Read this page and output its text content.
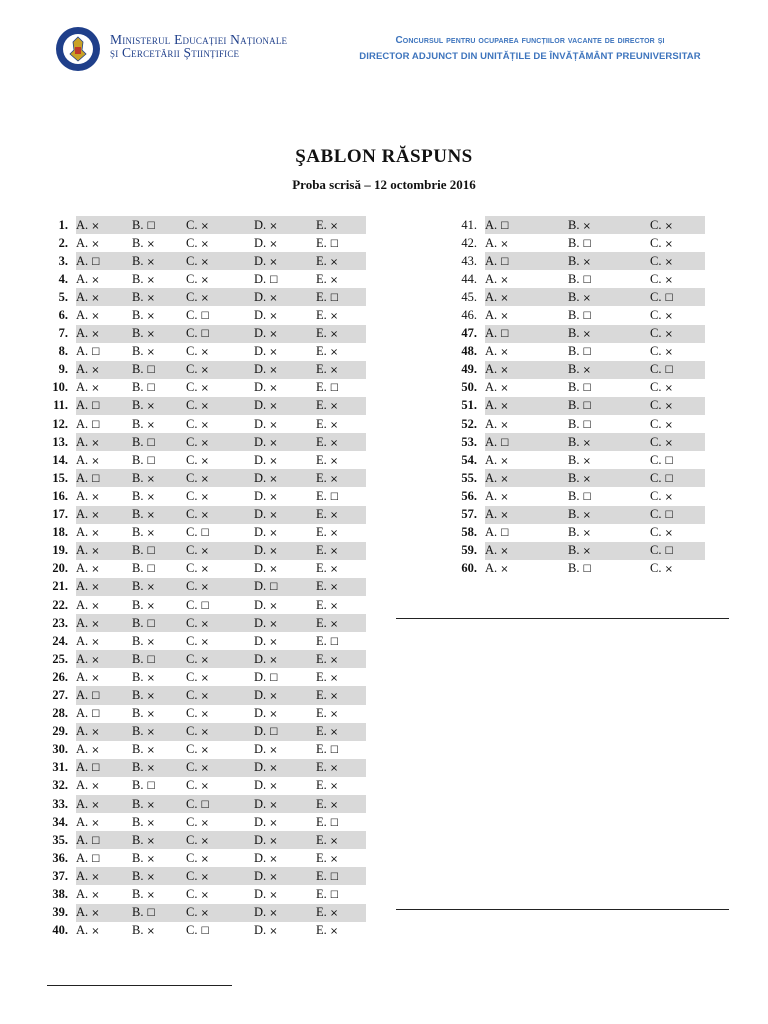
Ministerul Educației Naționale
și Cercetării Științifice
Concursul pentru ocuparea funcțiilor vacante de director și
DIRECTOR ADJUNCT DIN UNITĂȚILE DE ÎNVĂȚĂMÂNT PREUNIVERSITAR
ŞABLON RĂSPUNS
Proba scrisă – 12 octombrie 2016
1.	A. ×	B. ☐	C. ×	D. ×	E. ×
2.	A. ×	B. ×	C. ×	D. ×	E. ☐
3.	A. ☐	B. ×	C. ×	D. ×	E. ×
4.	A. ×	B. ×	C. ×	D. ☐	E. ×
5.	A. ×	B. ×	C. ×	D. ×	E. ☐
6.	A. ×	B. ×	C. ☐	D. ×	E. ×
7.	A. ×	B. ×	C. ☐	D. ×	E. ×
8.	A. ☐	B. ×	C. ×	D. ×	E. ×
9.	A. ×	B. ☐	C. ×	D. ×	E. ×
10.	A. ×	B. ☐	C. ×	D. ×	E. ☐
11.	A. ☐	B. ×	C. ×	D. ×	E. ×
12.	A. ☐	B. ×	C. ×	D. ×	E. ×
13.	A. ×	B. ☐	C. ×	D. ×	E. ×
14.	A. ×	B. ☐	C. ×	D. ×	E. ×
15.	A. ☐	B. ×	C. ×	D. ×	E. ×
16.	A. ×	B. ×	C. ×	D. ×	E. ☐
17.	A. ×	B. ×	C. ×	D. ×	E. ×
18.	A. ×	B. ×	C. ☐	D. ×	E. ×
19.	A. ×	B. ☐	C. ×	D. ×	E. ×
20.	A. ×	B. ☐	C. ×	D. ×	E. ×
21.	A. ×	B. ×	C. ×	D. ☐	E. ×
22.	A. ×	B. ×	C. ☐	D. ×	E. ×
23.	A. ×	B. ☐	C. ×	D. ×	E. ×
24.	A. ×	B. ×	C. ×	D. ×	E. ☐
25.	A. ×	B. ☐	C. ×	D. ×	E. ×
26.	A. ×	B. ×	C. ×	D. ☐	E. ×
27.	A. ☐	B. ×	C. ×	D. ×	E. ×
28.	A. ☐	B. ×	C. ×	D. ×	E. ×
29.	A. ×	B. ×	C. ×	D. ☐	E. ×
30.	A. ×	B. ×	C. ×	D. ×	E. ☐
31.	A. ☐	B. ×	C. ×	D. ×	E. ×
32.	A. ×	B. ☐	C. ×	D. ×	E. ×
33.	A. ×	B. ×	C. ☐	D. ×	E. ×
34.	A. ×	B. ×	C. ×	D. ×	E. ☐
35.	A. ☐	B. ×	C. ×	D. ×	E. ×
36.	A. ☐	B. ×	C. ×	D. ×	E. ×
37.	A. ×	B. ×	C. ×	D. ×	E. ☐
38.	A. ×	B. ×	C. ×	D. ×	E. ☐
39.	A. ×	B. ☐	C. ×	D. ×	E. ×
40.	A. ×	B. ×	C. ☐	D. ×	E. ×
41.	A. ☐	B. ×	C. ×
42.	A. ×	B. ☐	C. ×
43.	A. ☐	B. ×	C. ×
44.	A. ×	B. ☐	C. ×
45.	A. ×	B. ×	C. ☐
46.	A. ×	B. ☐	C. ×
47.	A. ☐	B. ×	C. ×
48.	A. ×	B. ☐	C. ×
49.	A. ×	B. ×	C. ☐
50.	A. ×	B. ☐	C. ×
51.	A. ×	B. ☐	C. ×
52.	A. ×	B. ☐	C. ×
53.	A. ☐	B. ×	C. ×
54.	A. ×	B. ×	C. ☐
55.	A. ×	B. ×	C. ☐
56.	A. ×	B. ☐	C. ×
57.	A. ×	B. ×	C. ☐
58.	A. ☐	B. ×	C. ×
59.	A. ×	B. ×	C. ☐
60.	A. ×	B. ☐	C. ×
